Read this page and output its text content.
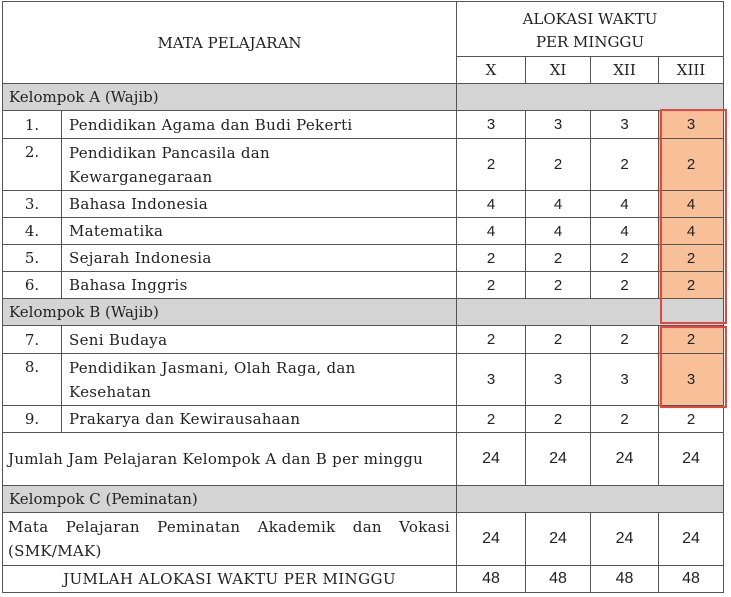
MATA PELAJARAN		ALOKASI WAKTU
PER MINGGU			
		X	XI	XII	XIII
Kelompok A (Wajib)					
1.	Pendidikan Agama dan Budi Pekerti	3	3	3	3
2.	Pendidikan Pancasila dan Kewarganegaraan	2	2	2	2
3.	Bahasa Indonesia	4	4	4	4
4.	Matematika	4	4	4	4
5.	Sejarah Indonesia	2	2	2	2
6.	Bahasa Inggris	2	2	2	2
Kelompok B (Wajib)					
7.	Seni Budaya	2	2	2	2
8.	Pendidikan Jasmani, Olah Raga, dan Kesehatan	3	3	3	3
9.	Prakarya dan Kewirausahaan	2	2	2	2
Jumlah Jam Pelajaran Kelompok A dan B per minggu		24	24	24	24
Kelompok C (Peminatan)					
Mata Pelajaran Peminatan Akademik dan Vokasi (SMK/MAK)		24	24	24	24
JUMLAH ALOKASI WAKTU PER MINGGU		48	48	48	48
